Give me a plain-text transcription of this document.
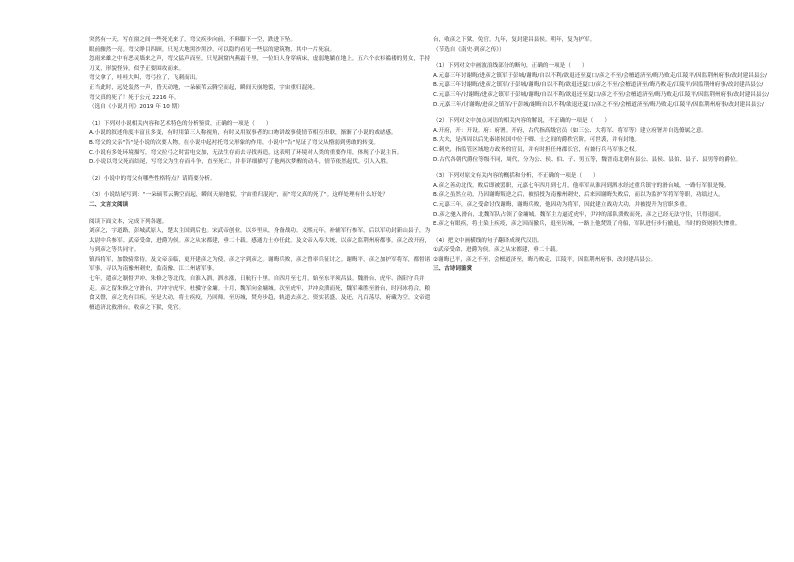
突然有一天，写在窗之间一些死光来了。弯父疾步向前，不料脚下一空，跌进下坠。

眼前骤然一亮。弯父睁目四顾。只见大地黑沙黑沙，可以隐约看见一些层的建筑物，其中一片死寂。

忽雨来雄之中有恶灵墙来之声，弯父猛声而至。只见洞窟内燕霜千里，一位妇人身穿病床，虚弱地躺在地上。五六个衣衫褴褛的男女，手持刀叉，形貌怪异，似乎正要围攻而来。

弯父拿了，哇哇大叫，弯弓拉了，飞刺而出。

正当此时，远处轰然一声，昏天动地，一朵硕苇云腾空而起，瞬间天崩地裂，宇宙重归混沌。

弯父真的死了！死于公元 2216 年。

（选自《小说月刊》2019 年 10 期）

（1）下列对小说相关内容和艺术特色的分析鉴赏，正确的一项是（　　）

A.小说的叙述角度丰富且多变，有时用第三人称视角，有时又用叙事者的口吻讲故事使情节相互串联，渐渐了小说的戏谑感。

B.弯父的父亲"告"是小说的次要人物，在小说中起衬托弯父形象的作用，小说中"告"见证了弯父从懵弱到勇敢的转变。

C.小说有多处环境描写，弯父拉弓之时雷电交加，无法生存而去寻找再造，这表明了环境对人类的重要作用，体现了小说主旨。

D.小说以弯父死而结尾，写弯父为生存而斗争，直至死亡，并非详细描写了他两次梦醒的动斗，情节依然起伏，引人入胜。

（2）小说中的弯父有哪些性格特点？请简要分析。

（3）小说结尾写到："一朵硕苇云腾空而起，瞬间天崩地裂，宇宙重归混沌"，而"弯父真的死了"。这样处理有什么好处？

二、文言文阅读

阅读下面文本，完成下列各题。

刘彦之，字道路，彭城武原人，楚太主国到后也。宋武帝创业，以乡里从，身备战功。义熙元年，补辅军行参军，后以军功封新山县子，为太尉中兵参军。武帝受命，进爵为侯。彦之从宋都建，垂二十载。感通力士亦任此。及文帝入奉大统，以彦之监荆州府都事，彦之改开府，与到彦之等共同守。

镇西将军，加散骑常侍，及文帝亲临，更开建彦之为使，彦之字到彦之。谢晦兵败，彦之曾率兵征讨之。谢晦平，彦之加护军将军，都督诸军事，寻以为南豫州刺史，监南豫、江二州诸军事。

七年，遣彦之制督尹冲、朱修之等北伐，自淮入泗，泗水涨，日航行十里。自四月至七月，始至东平须昌县。魏滑台、虎牢、洛阳守兵并走。彦之留朱修之守滑台，尹冲守虎牢，杜骥守金墉。十月，魏军向金墉城。次至虎牢，尹冲众溃而死，魏军乘胜至滑台，时河冰将合，粮食又罄，彦之先有目疾，至是大动，将士疾疫，乃回师。至历城，焚舟步趋，轨道去彦之。资实甚盛，及还，凡百荡尽，府藏为空。文帝遣檀道济北救滑台，收彦之下狱，免官。

台，收彦之下狱，免官。九年，复封建昌县侯。明年，复为护军。

（节选自《南史·到彦之传》）

（1）下列对文中画波浪线部分的断句，正确的一项是（　　）

A.元嘉三年讨谢晦/进彦之镇军于彭城/谢晦/自以不利/欲退还至夏口/彦之不至/会檀道济至/晦乃败走/江陵平/因监荆州府事/改封建昌县公/

B.元嘉三年讨谢晦/进彦之镇军/于彭城/谢晦/自以不利/欲退还夏口/彦之不至/会檀道济至/晦乃败走/江陵平/因监荆州府事/改封建昌县公/

C.元嘉三年/讨谢晦/进彦之镇军于彭城/谢晦/自以不利/欲退还至夏口/彦之不至/会檀道济至/晦乃败走/江陵平/因监荆州府事/改封建昌县公/

D.元嘉三年/讨谢晦/进彦之镇军/于彭城/谢晦自以不利/欲退还夏口/彦之不至/会檀道济至/晦乃败走/江陵平/因监荆州府事/改封建昌县公/

（2）下列对文中加点词语的相关内容的解说，不正确的一项是（　　）

A.开府，开：开设。府：府署。开府，古代指高级官员（如三公、大将军、将军等）建立府署并自选僚属之意。

B.大夫，是西周以后先秦诸侯国中位于卿、士之间的爵秩官阶，可世袭，并有封地。

C.刺史，指监管区域地方政务的官员，并有时担任州郡长官，有兼行兵马军事之权。

D.古代各朝代爵位等级不同，周代，分为公、侯、伯、子、男五等，魏晋南北朝有县公、县侯、县伯、县子、县男等的爵位。

（3）下列对原文有关内容的概括和分析，不正确的一项是（　　）

A.彦之善动北伐，败后即被罢职，元嘉七年四月到七月，他率军从淮河到泗水经过重兵镇守的滑台城，一路行军很是慢。

B.彦之虽然立功，乃因谢晦叛逆之后，被招授为南豫州刺史，后来因谢晦失败后，而以为监护军将军等职，功绩过人。

C.元嘉三年，彦之受命讨伐谢晦，谢晦兵败，他因功为将军，因此建立战功大功，并被提升为官职多重。

D.彦之驰入滑台，北魏军队占领了金墉城。魏军主力逼近虎牢，尹冲的部队溃败而死，彦之已经无法守住，只得退回。

E.彦之有眼疾，将士染上疾疫，彦之因而撤兵，退至历城，一路上他焚毁了舟船，军队进行步行撤退，当时的资财损失惨重。

（4）把文中画横线的句子翻译成现代汉语。

①武帝受命，进爵为侯。彦之从宋都建，垂二十载。

②谢晦已平，彦之不至，会檀道济至，晦乃败走，江陵平，因监荆州府事，改封建昌县公。

三、古诗词鉴赏
